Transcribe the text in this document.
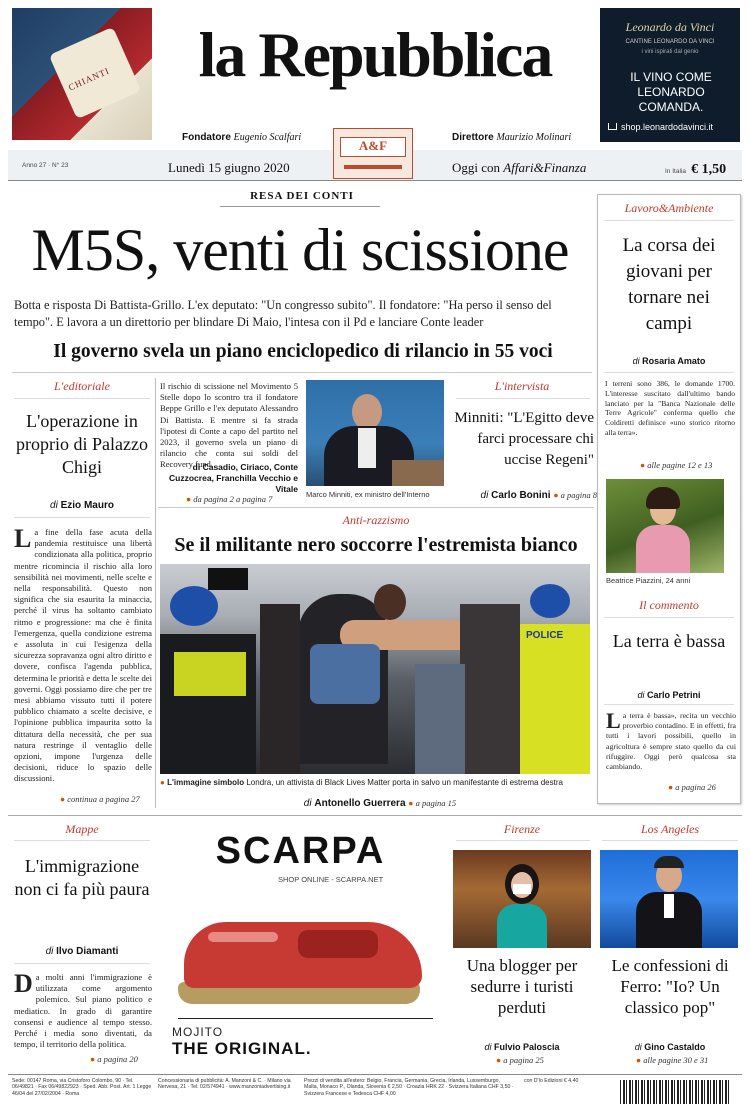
CHIANTI	la Repubblica
Fondatore Eugenio Scalfari	Direttore Maurizio Molinari
Leonardo da Vinci
CANTINE LEONARDO DA VINCI
i vini ispirati dal genio
IL VINO COME LEONARDO COMANDA.
shop.leonardodavinci.it
Anno 27 · N° 23	Lunedì 15 giugno 2020
A&F
Oggi con Affari&Finanza	In Italia € 1,50
RESA DEI CONTI
M5S, venti di scissione

Botta e risposta Di Battista-Grillo. L'ex deputato: "Un congresso subito". Il fondatore: "Ha perso il senso del tempo". E lavora a un direttorio per blindare Di Maio, l'intesa con il Pd e lanciare Conte leader

Il governo svela un piano enciclopedico di rilancio in 55 voci
L'editoriale
L'operazione in proprio di Palazzo Chigi
di Ezio Mauro
La fine della fase acuta della pandemia restituisce una libertà condizionata alla politica, proprio mentre ricomincia il rischio alla loro sensibilità nei movimenti, nelle scelte e nella responsabilità. Questo non significa che sia esaurita la minaccia, perché il virus ha soltanto cambiato ritmo e progressione: ma che è finita l'emergenza, quella condizione estrema e assoluta in cui l'esigenza della sicurezza sopravanza ogni altro diritto e dovere, confisca l'agenda pubblica, determina le priorità e detta le scelte dei governi. Oggi possiamo dire che per tre mesi abbiamo vissuto tutti il potere pubblico chiamato a scelte decisive, e l'opinione pubblica impaurita sotto la dittatura della necessità, che per sua natura restringe il ventaglio delle opzioni, impone l'urgenza delle decisioni, riduce lo spazio delle discussioni.
● continua a pagina 27

Il rischio di scissione nel Movimento 5 Stelle dopo lo scontro tra il fondatore Beppe Grillo e l'ex deputato Alessandro Di Battista. E mentre si fa strada l'ipotesi di Conte a capo del partito nel 2023, il governo svela un piano di rilancio che conta sui soldi del Recovery fund.

di Casadio, Ciriaco, Conte Cuzzocrea, Franchilla Vecchio e Vitale
● da pagina 2 a pagina 7	Marco Minniti, ex ministro dell'Interno
L'intervista
Minniti: "L'Egitto deve farci processare chi uccise Regeni"
di Carlo Bonini ● a pagina 8
Anti-razzismo
Se il militante nero soccorre l'estremista bianco
POLICE
● L'immagine simbolo Londra, un attivista di Black Lives Matter porta in salvo un manifestante di estrema destra
di Antonello Guerrera ● a pagina 15
Lavoro&Ambiente
La corsa dei giovani per tornare nei campi
di Rosaria Amato

I terreni sono 386, le domande 1700. L'interesse suscitato dall'ultimo bando lanciato per la "Banca Nazionale delle Terre Agricole" conferma quello che Coldiretti definisce «uno storico ritorno alla terra».

● alle pagine 12 e 13
Beatrice Piazzini, 24 anni
Il commento
La terra è bassa
di Carlo Petrini
La terra è bassa», recita un vecchio proverbio contadino. E in effetti, fra tutti i lavori possibili, quello in agricoltura è sempre stato quello da cui rifuggire. Oggi però qualcosa sta cambiando.
● a pagina 26
Mappe
L'immigrazione non ci fa più paura
di Ilvo Diamanti
Da molti anni l'immigrazione è utilizzata come argomento polemico. Sul piano politico e mediatico. In grado di garantire consensi e audience al tempo stesso. Perché i media sono diventati, da tempo, il territorio della politica.
● a pagina 20
SCARPA
SHOP ONLINE - SCARPA.NET
MOJITO
THE ORIGINAL.
Firenze
Una blogger per sedurre i turisti perduti
di Fulvio Paloscia
● a pagina 25
Los Angeles
Le confessioni di Ferro: "Io? Un classico pop"
di Gino Castaldo
● alle pagine 30 e 31
Sede: 00147 Roma, via Cristoforo Colombo, 90 · Tel. 06/49821 · Fax 06/49822923 · Sped. Abb. Post. Art. 1 Legge 46/04 del 27/02/2004 · Roma
Concessionaria di pubblicità: A. Manzoni & C. · Milano via Nervesa, 21 · Tel. 02/574941 · www.manzoniadvertising.it
Prezzi di vendita all'estero: Belgio, Francia, Germania, Grecia, Irlanda, Lussemburgo, Malta, Monaco P., Olanda, Slovenia € 2,50 · Croazia HRK 22 · Svizzera Italiana CHF 3,50 · Svizzera Francese e Tedesca CHF 4,00
con D'Io Edizioni € 4,40
